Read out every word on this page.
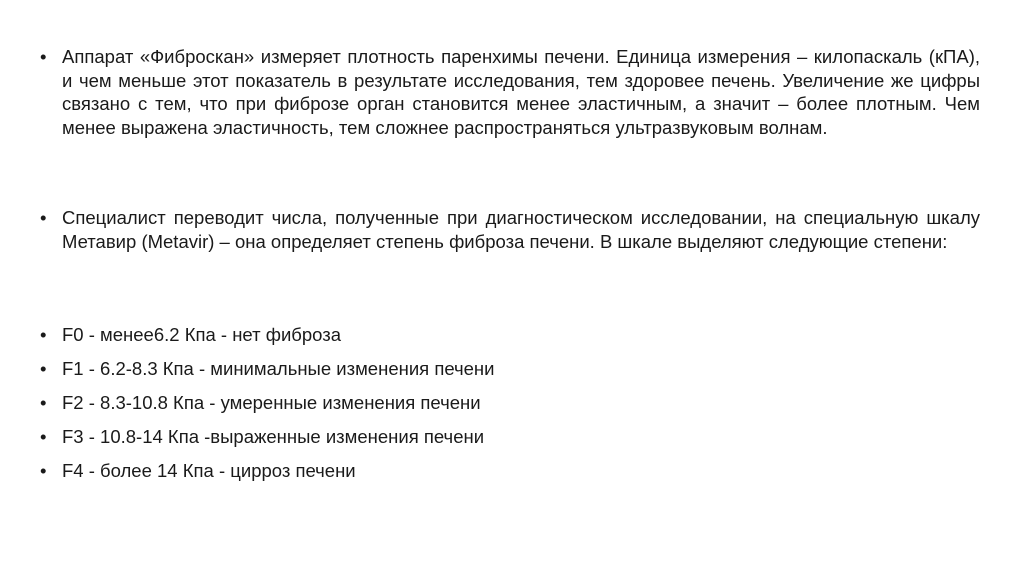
• Аппарат «Фиброскан» измеряет плотность паренхимы печени. Единица измерения – килопаскаль (кПА), и чем меньше этот показатель в результате исследования, тем здоровее печень. Увеличение же цифры связано с тем, что при фиброзе орган становится менее эластичным, а значит – более плотным. Чем менее выражена эластичность, тем сложнее распространяться ультразвуковым волнам.
• Специалист переводит числа, полученные при диагностическом исследовании, на специальную шкалу Метавир (Metavir) – она определяет степень фиброза печени. В шкале выделяют следующие степени:
• F0 - менее6.2 Кпа - нет фиброза
• F1 - 6.2-8.3 Кпа - минимальные изменения печени
• F2 - 8.3-10.8 Кпа - умеренные изменения печени
• F3 - 10.8-14 Кпа -выраженные изменения печени
• F4 - более 14 Кпа - цирроз печени
